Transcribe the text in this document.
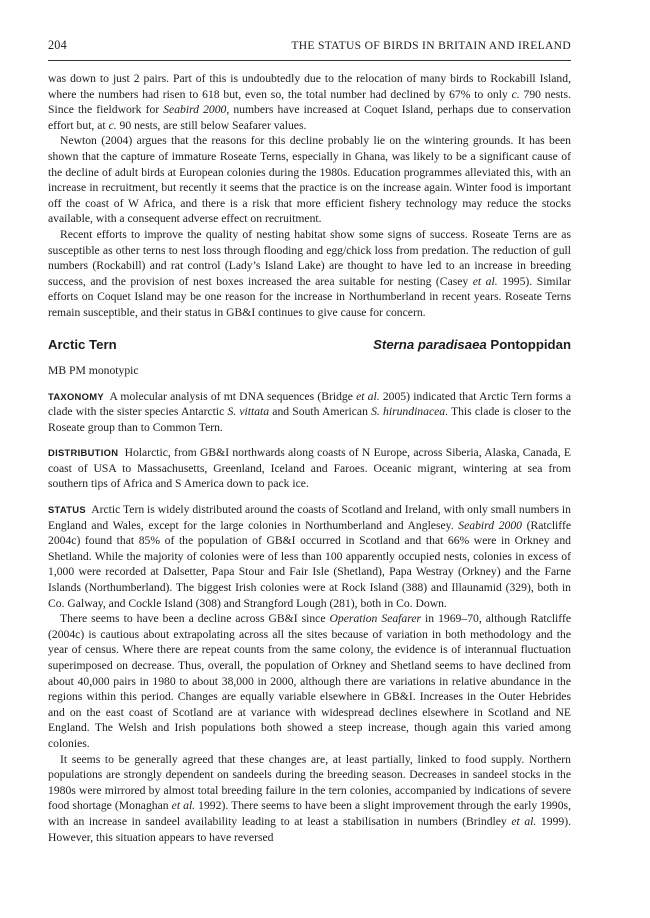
204	THE STATUS OF BIRDS IN BRITAIN AND IRELAND

was down to just 2 pairs. Part of this is undoubtedly due to the relocation of many birds to Rockabill Island, where the numbers had risen to 618 but, even so, the total number had declined by 67% to only c. 790 nests. Since the fieldwork for Seabird 2000, numbers have increased at Coquet Island, perhaps due to conservation effort but, at c. 90 nests, are still below Seafarer values.

Newton (2004) argues that the reasons for this decline probably lie on the wintering grounds. It has been shown that the capture of immature Roseate Terns, especially in Ghana, was likely to be a significant cause of the decline of adult birds at European colonies during the 1980s. Education programmes alleviated this, with an increase in recruitment, but recently it seems that the practice is on the increase again. Winter food is important off the coast of W Africa, and there is a risk that more efficient fishery technology may reduce the stocks available, with a consequent adverse effect on recruitment.

Recent efforts to improve the quality of nesting habitat show some signs of success. Roseate Terns are as susceptible as other terns to nest loss through flooding and egg/chick loss from predation. The reduction of gull numbers (Rockabill) and rat control (Lady’s Island Lake) are thought to have led to an increase in breeding success, and the provision of nest boxes increased the area suitable for nesting (Casey et al. 1995). Similar efforts on Coquet Island may be one reason for the increase in Northumberland in recent years. Roseate Terns remain susceptible, and their status in GB&I continues to give cause for concern.

Arctic Tern	Sterna paradisaea Pontoppidan

MB PM monotypic

TAXONOMY A molecular analysis of mt DNA sequences (Bridge et al. 2005) indicated that Arctic Tern forms a clade with the sister species Antarctic S. vittata and South American S. hirundinacea. This clade is closer to the Roseate group than to Common Tern.

DISTRIBUTION Holarctic, from GB&I northwards along coasts of N Europe, across Siberia, Alaska, Canada, E coast of USA to Massachusetts, Greenland, Iceland and Faroes. Oceanic migrant, wintering at sea from southern tips of Africa and S America down to pack ice.

STATUS Arctic Tern is widely distributed around the coasts of Scotland and Ireland, with only small numbers in England and Wales, except for the large colonies in Northumberland and Anglesey. Seabird 2000 (Ratcliffe 2004c) found that 85% of the population of GB&I occurred in Scotland and that 66% were in Orkney and Shetland. While the majority of colonies were of less than 100 apparently occupied nests, colonies in excess of 1,000 were recorded at Dalsetter, Papa Stour and Fair Isle (Shetland), Papa Westray (Orkney) and the Farne Islands (Northumberland). The biggest Irish colonies were at Rock Island (388) and Illaunamid (329), both in Co. Galway, and Cockle Island (308) and Strangford Lough (281), both in Co. Down.

There seems to have been a decline across GB&I since Operation Seafarer in 1969–70, although Ratcliffe (2004c) is cautious about extrapolating across all the sites because of variation in both methodology and the year of census. Where there are repeat counts from the same colony, the evidence is of interannual fluctuation superimposed on decrease. Thus, overall, the population of Orkney and Shetland seems to have declined from about 40,000 pairs in 1980 to about 38,000 in 2000, although there are variations in relative abundance in the regions within this period. Changes are equally variable elsewhere in GB&I. Increases in the Outer Hebrides and on the east coast of Scotland are at variance with widespread declines elsewhere in Scotland and NE England. The Welsh and Irish populations both showed a steep increase, though again this varied among colonies.

It seems to be generally agreed that these changes are, at least partially, linked to food supply. Northern populations are strongly dependent on sandeels during the breeding season. Decreases in sandeel stocks in the 1980s were mirrored by almost total breeding failure in the tern colonies, accompanied by indications of severe food shortage (Monaghan et al. 1992). There seems to have been a slight improvement through the early 1990s, with an increase in sandeel availability leading to at least a stabilisation in numbers (Brindley et al. 1999). However, this situation appears to have reversed
